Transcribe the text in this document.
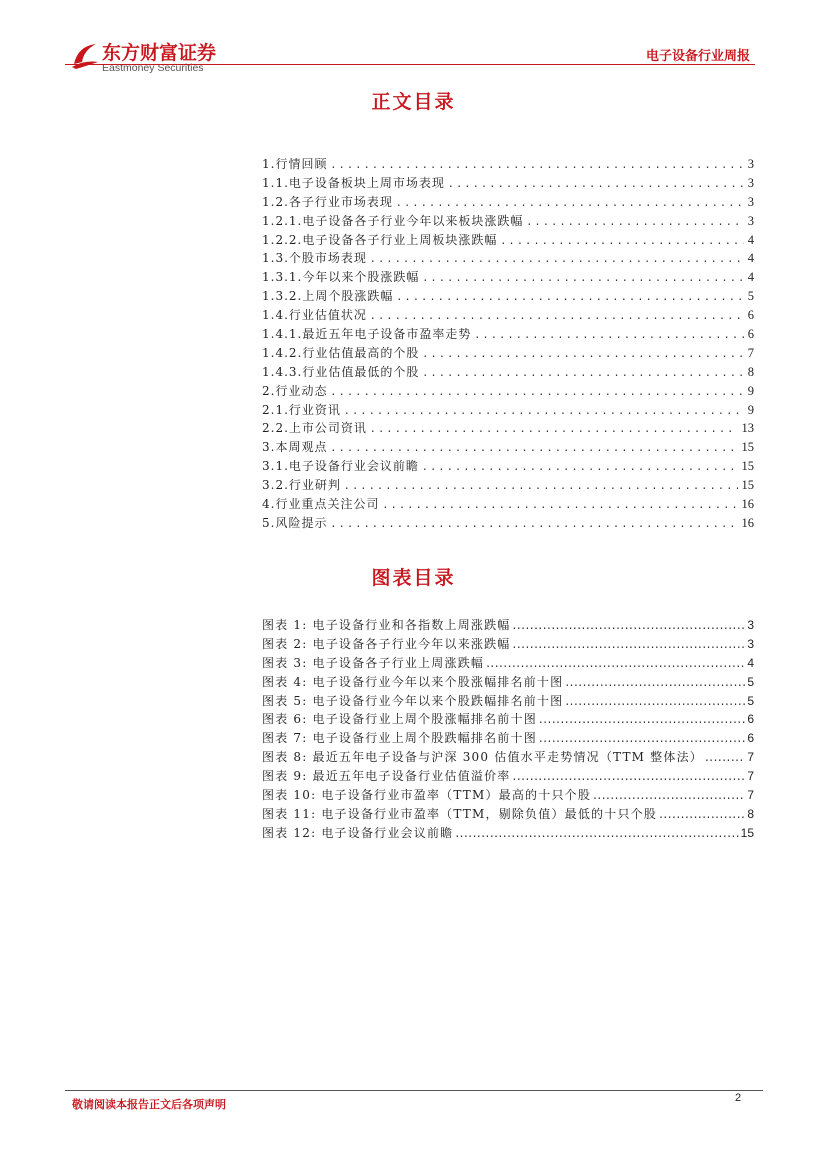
东方财富证券
Eastmoney Securities
电子设备行业周报
正文目录
1.行情回顾 .....	3
1.1.电子设备板块上周市场表现 .....	3
1.2.各子行业市场表现 .....	3
1.2.1.电子设备各子行业今年以来板块涨跌幅 .....	3
1.2.2.电子设备各子行业上周板块涨跌幅 .....	4
1.3.个股市场表现 .....	4
1.3.1.今年以来个股涨跌幅 .....	4
1.3.2.上周个股涨跌幅 .....	5
1.4.行业估值状况 .....	6
1.4.1.最近五年电子设备市盈率走势 .....	6
1.4.2.行业估值最高的个股 .....	7
1.4.3.行业估值最低的个股 .....	8
2.行业动态 .....	9
2.1.行业资讯 .....	9
2.2.上市公司资讯 .....	13
3.本周观点 .....	15
3.1.电子设备行业会议前瞻 .....	15
3.2.行业研判 .....	15
4.行业重点关注公司 .....	16
5.风险提示 .....	16
图表目录
图表 1: 电子设备行业和各指数上周涨跌幅 .....	3
图表 2: 电子设备各子行业今年以来涨跌幅 .....	3
图表 3: 电子设备各子行业上周涨跌幅 .....	4
图表 4: 电子设备行业今年以来个股涨幅排名前十图 .....	5
图表 5: 电子设备行业今年以来个股跌幅排名前十图 .....	5
图表 6: 电子设备行业上周个股涨幅排名前十图 .....	6
图表 7: 电子设备行业上周个股跌幅排名前十图 .....	6
图表 8: 最近五年电子设备与沪深 300 估值水平走势情况（TTM 整体法） .....	7
图表 9: 最近五年电子设备行业估值溢价率 .....	7
图表 10: 电子设备行业市盈率（TTM）最高的十只个股 .....	7
图表 11: 电子设备行业市盈率（TTM，剔除负值）最低的十只个股 .....	8
图表 12: 电子设备行业会议前瞻 .....	15
敬请阅读本报告正文后各项声明	2
